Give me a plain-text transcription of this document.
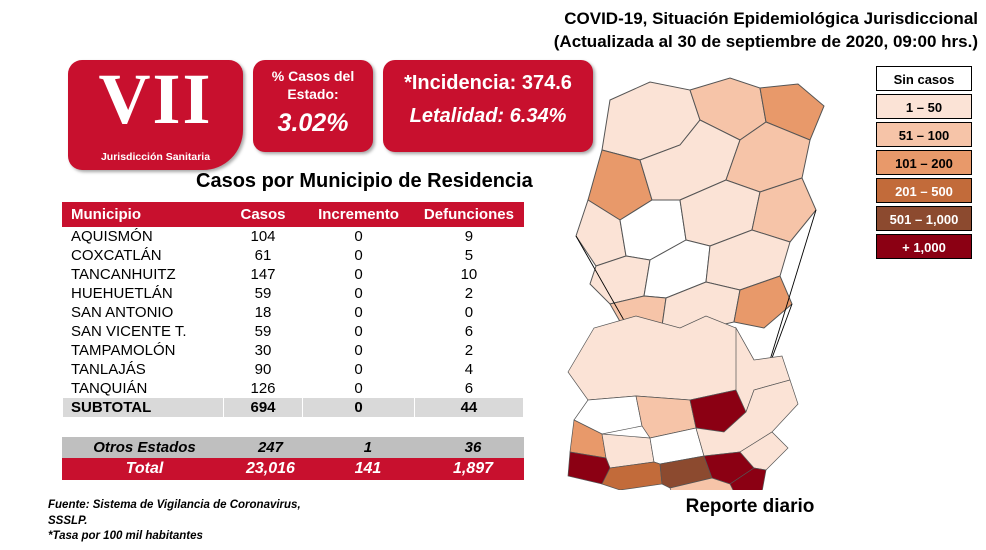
COVID-19, Situación Epidemiológica Jurisdiccional
(Actualizada al 30 de septiembre de 2020, 09:00 hrs.)
VII
Jurisdicción Sanitaria
% Casos del Estado:
3.02%
*Incidencia: 374.6
Letalidad: 6.34%
Casos por Municipio de Residencia
Municipio	Casos	Incremento	Defunciones
AQUISMÓN	104	0	9
COXCATLÁN	61	0	5
TANCANHUITZ	147	0	10
HUEHUETLÁN	59	0	2
SAN ANTONIO	18	0	0
SAN VICENTE T.	59	0	6
TAMPAMOLÓN	30	0	2
TANLAJÁS	90	0	4
TANQUIÁN	126	0	6
SUBTOTAL	694	0	44
Otros Estados	247	1	36
Total	23,016	141	1,897
Fuente: Sistema de Vigilancia de Coronavirus,
SSSLP.
*Tasa por 100 mil habitantes
Sin casos
1 – 50
51 – 100
101 – 200
201 – 500
501 – 1,000
+ 1,000
Reporte diario
